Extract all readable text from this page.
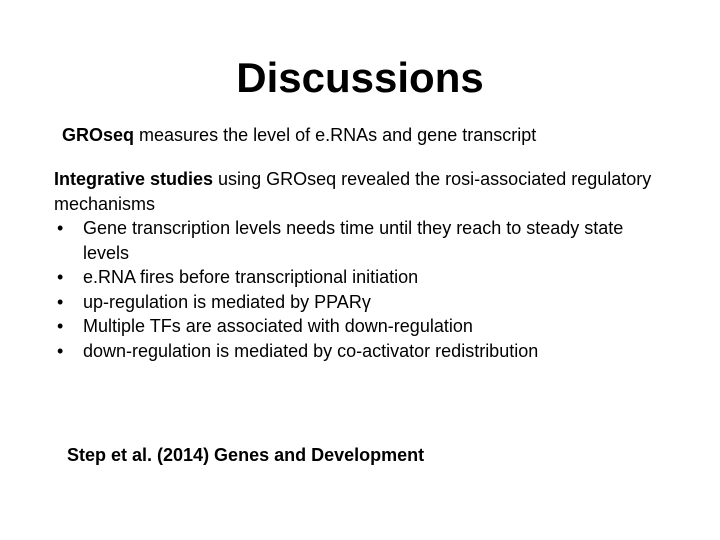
Discussions
GROseq measures the level of e.RNAs and gene transcript

Integrative studies using GROseq revealed the rosi-associated regulatory mechanisms

• Gene transcription levels needs time until they reach to steady state levels
• e.RNA fires before transcriptional initiation
• up-regulation is mediated by PPARγ
• Multiple TFs are associated with down-regulation
• down-regulation is mediated by co-activator redistribution
Step et al. (2014) Genes and Development
